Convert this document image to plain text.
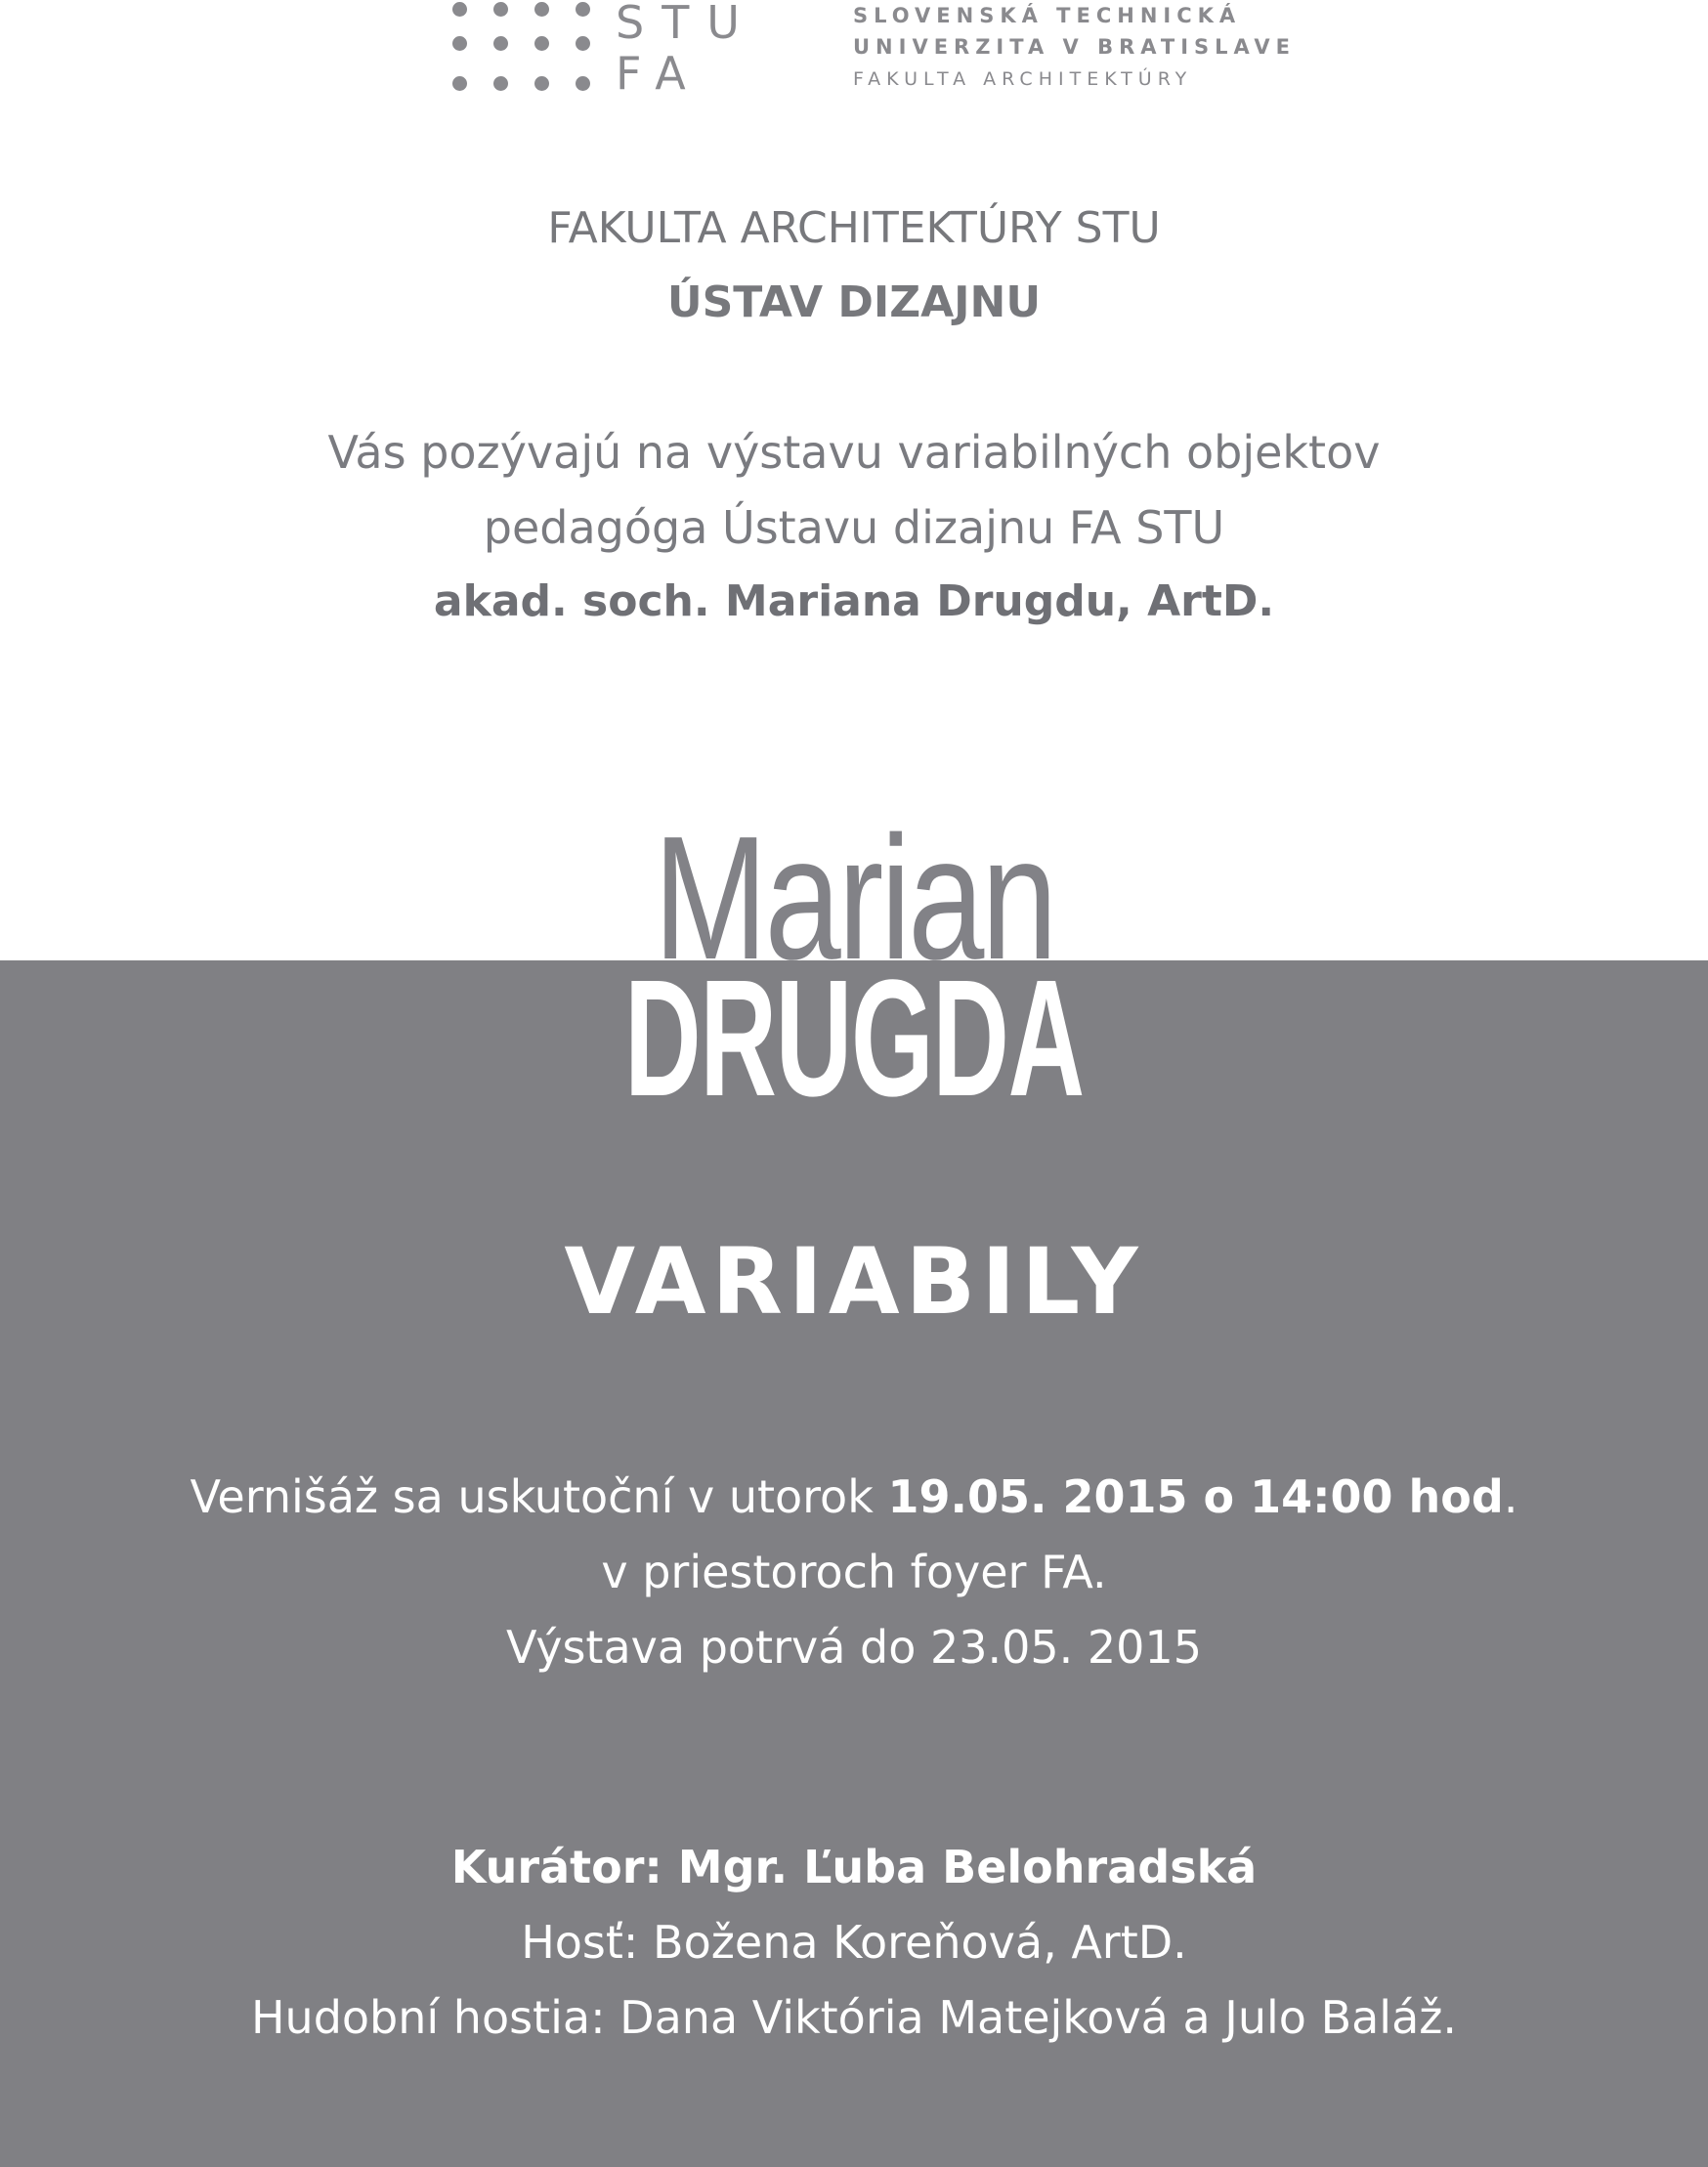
STU
FA
SLOVENSKÁ TECHNICKÁ
UNIVERZITA V BRATISLAVE
FAKULTA ARCHITEKTÚRY
FAKULTA ARCHITEKTÚRY STU
ÚSTAV DIZAJNU
Vás pozývajú na výstavu variabilných objektov
pedagóga Ústavu dizajnu FA STU
akad. soch. Mariana Drugdu, ArtD.
Marian
DRUGDA
VARIABILY
Vernišáž sa uskutoční v utorok 19.05. 2015 o 14:00 hod.
v priestoroch foyer FA.
Výstava potrvá do 23.05. 2015
Kurátor: Mgr. Ľuba Belohradská
Hosť: Božena Koreňová, ArtD.
Hudobní hostia: Dana Viktória Matejková a Julo Baláž.
